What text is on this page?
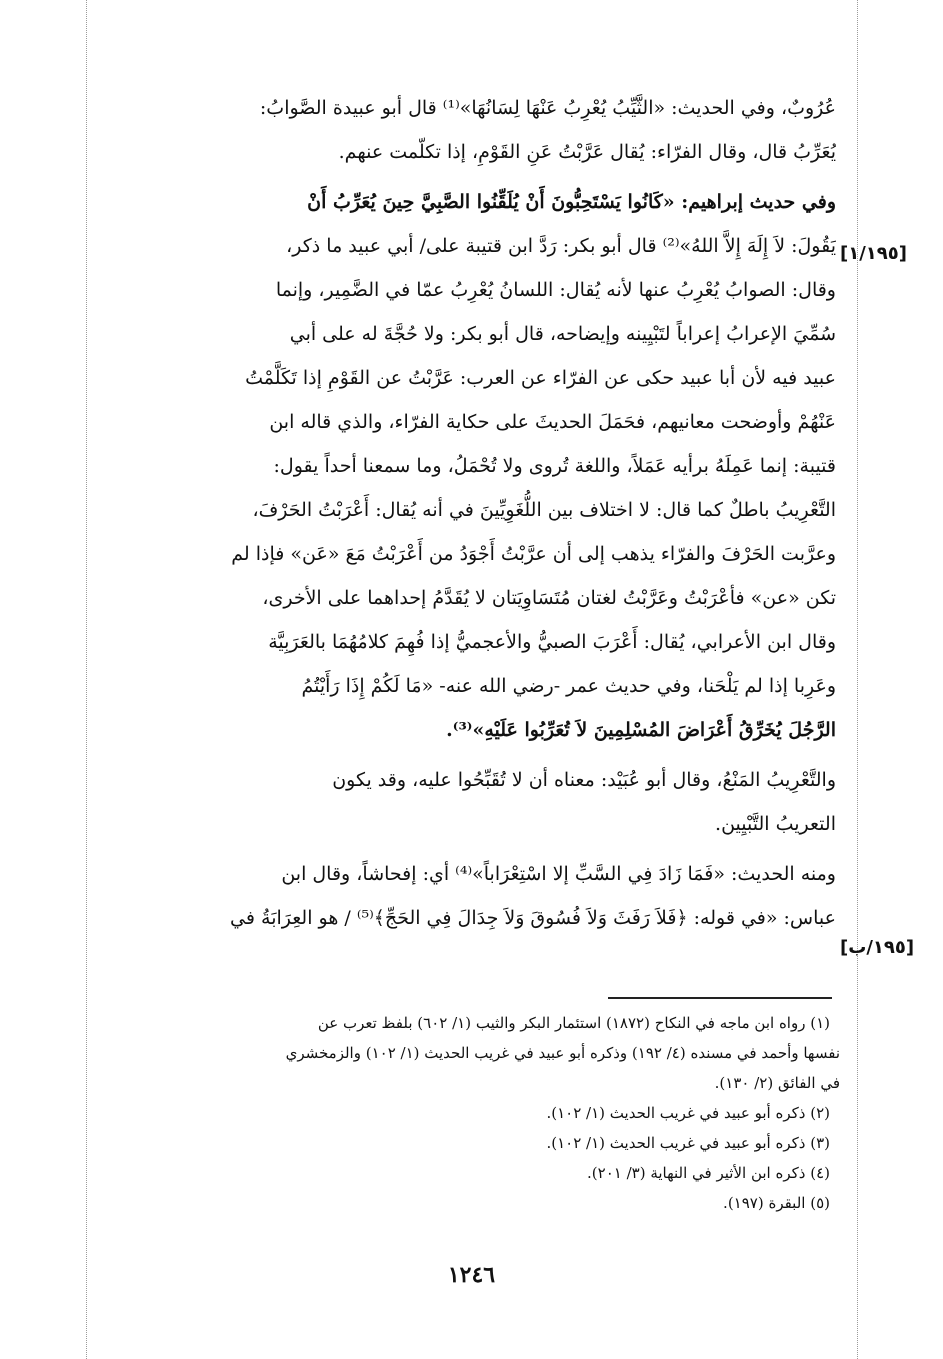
[١/١٩٥]
[١٩٥/ب]
عُرُوبٌ، وفي الحديث: «الثَّيِّبُ يُعْرِبُ عَنْهَا لِسَانُهَا»⁽¹⁾ قال أبو عبيدة الصَّوابُ:
يُعَرِّبُ قال، وقال الفرّاء: يُقال عَرَّبْتُ عَنِ القَوْمِ، إذا تكلّمت عنهم.
وفي حديث إبراهيم: «كَانُوا يَسْتَحِبُّونَ أَنْ يُلَقِّنُوا الصَّبِيَّ حِينَ يُعَرِّبُ أَنْ
يَقُولَ: لاَ إِلَهَ إِلاَّ اللهُ»⁽²⁾ قال أبو بكر: رَدَّ ابن قتيبة على/ أبي عبيد ما ذكر،
وقال: الصوابُ يُعْرِبُ عنها لأنه يُقال: اللسانُ يُعْرِبُ عمّا في الضَّمِير، وإنما
سُمِّيَ الإعرابُ إعراباً لتَبْيِينه وإيضاحه، قال أبو بكر: ولا حُجَّةَ له على أبي
عبيد فيه لأن أبا عبيد حكى عن الفرّاء عن العرب: عَرَّبْتُ عن القَوْمِ إذا تَكَلَّمْتُ
عَنْهُمْ وأوضحت معانيهم، فحَمَلَ الحديثَ على حكاية الفرّاء، والذي قاله ابن
قتيبة: إنما عَمِلَهُ برأيه عَمَلاً، واللغة تُروى ولا تُحْمَلُ، وما سمعنا أحداً يقول:
التَّعْرِيبُ باطلٌ كما قال: لا اختلاف بين اللُّغَوِيِّينَ في أنه يُقال: أَعْرَبْتُ الحَرْفَ،
وعرَّبت الحَرْفَ والفرّاء يذهب إلى أن عرَّبْتُ أَجْوَدُ من أَعْرَبْتُ مَعَ «عَن» فإذا لم
تكن «عن» فأعْرَبْتُ وعَرَّبْتُ لغتان مُتَسَاوِيَتان لا يُقَدَّمُ إحداهما على الأخرى،
وقال ابن الأعرابي، يُقال: أَعْرَبَ الصبيُّ والأعجميُّ إذا فُهِمَ كلامُهُمَا بالعَرَبِيَّة
وعَرِبا إذا لم يَلْحَنا، وفي حديث عمر -رضي الله عنه- «مَا لَكُمْ إِذَا رَأَيْتُمُ
الرَّجُلَ يُخَرِّقُ أَعْرَاضَ المُسْلِمِينَ لاَ تُعَرِّبُوا عَلَيْهِ»⁽³⁾.
والتَّعْرِيبُ المَنْعُ، وقال أبو عُبَيْد: معناه أن لا تُقَبِّحُوا عليه، وقد يكون
التعريبُ التَّبْيِين.
ومنه الحديث: «فَمَا زَادَ فِي السَّبِّ إلا اسْتِعْرَاباً»⁽⁴⁾ أي: إفحاشاً، وقال ابن
عباس: «في قوله: ﴿فَلاَ رَفَثَ وَلاَ فُسُوقَ وَلاَ جِدَالَ فِي الحَجِّ﴾⁽⁵⁾ / هو العِرَابَةُ في
(١) رواه ابن ماجه في النكاح (١٨٧٢) استئمار البكر والثيب (١/ ٦٠٢) بلفظ تعرب عن
نفسها وأحمد في مسنده (٤/ ١٩٢) وذكره أبو عبيد في غريب الحديث (١/ ١٠٢) والزمخشري
في الفائق (٢/ ١٣٠).
(٢) ذكره أبو عبيد في غريب الحديث (١/ ١٠٢).
(٣) ذكره أبو عبيد في غريب الحديث (١/ ١٠٢).
(٤) ذكره ابن الأثير في النهاية (٣/ ٢٠١).
(٥) البقرة (١٩٧).
١٢٤٦
